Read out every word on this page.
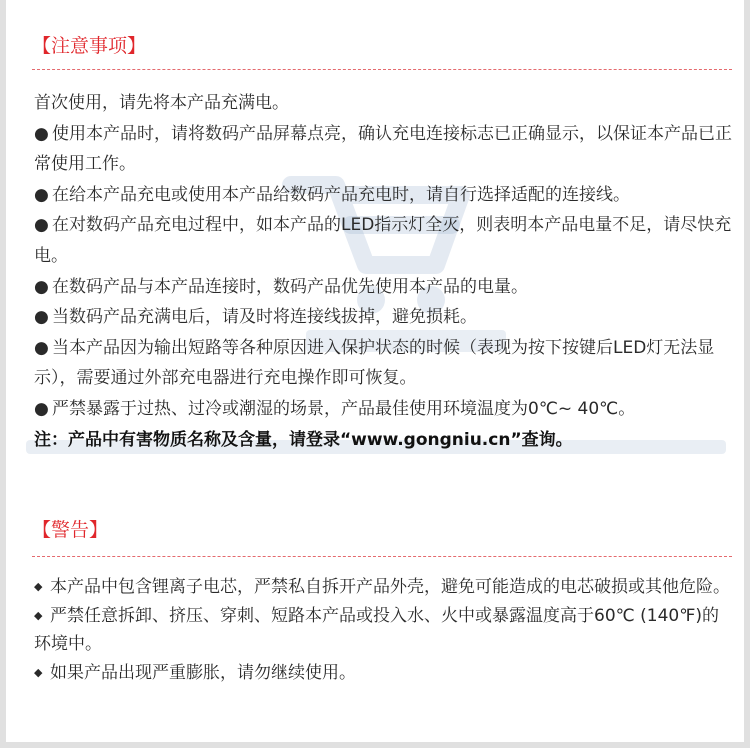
【注意事项】

首次使用，请先将本产品充满电。

● 使用本产品时，请将数码产品屏幕点亮，确认充电连接标志已正确显示，以保证本产品已正常使用工作。

● 在给本产品充电或使用本产品给数码产品充电时，请自行选择适配的连接线。

● 在对数码产品充电过程中，如本产品的LED指示灯全灭，则表明本产品电量不足，请尽快充电。

● 在数码产品与本产品连接时，数码产品优先使用本产品的电量。

● 当数码产品充满电后，请及时将连接线拔掉，避免损耗。

● 当本产品因为输出短路等各种原因进入保护状态的时候（表现为按下按键后LED灯无法显示），需要通过外部充电器进行充电操作即可恢复。

● 严禁暴露于过热、过冷或潮湿的场景，产品最佳使用环境温度为0℃~ 40℃。

注：产品中有害物质名称及含量，请登录“www.gongniu.cn”查询。

【警告】

◆ 本产品中包含锂离子电芯，严禁私自拆开产品外壳，避免可能造成的电芯破损或其他危险。

◆ 严禁任意拆卸、挤压、穿刺、短路本产品或投入水、火中或暴露温度高于60℃ (140℉)的环境中。

◆ 如果产品出现严重膨胀，请勿继续使用。
